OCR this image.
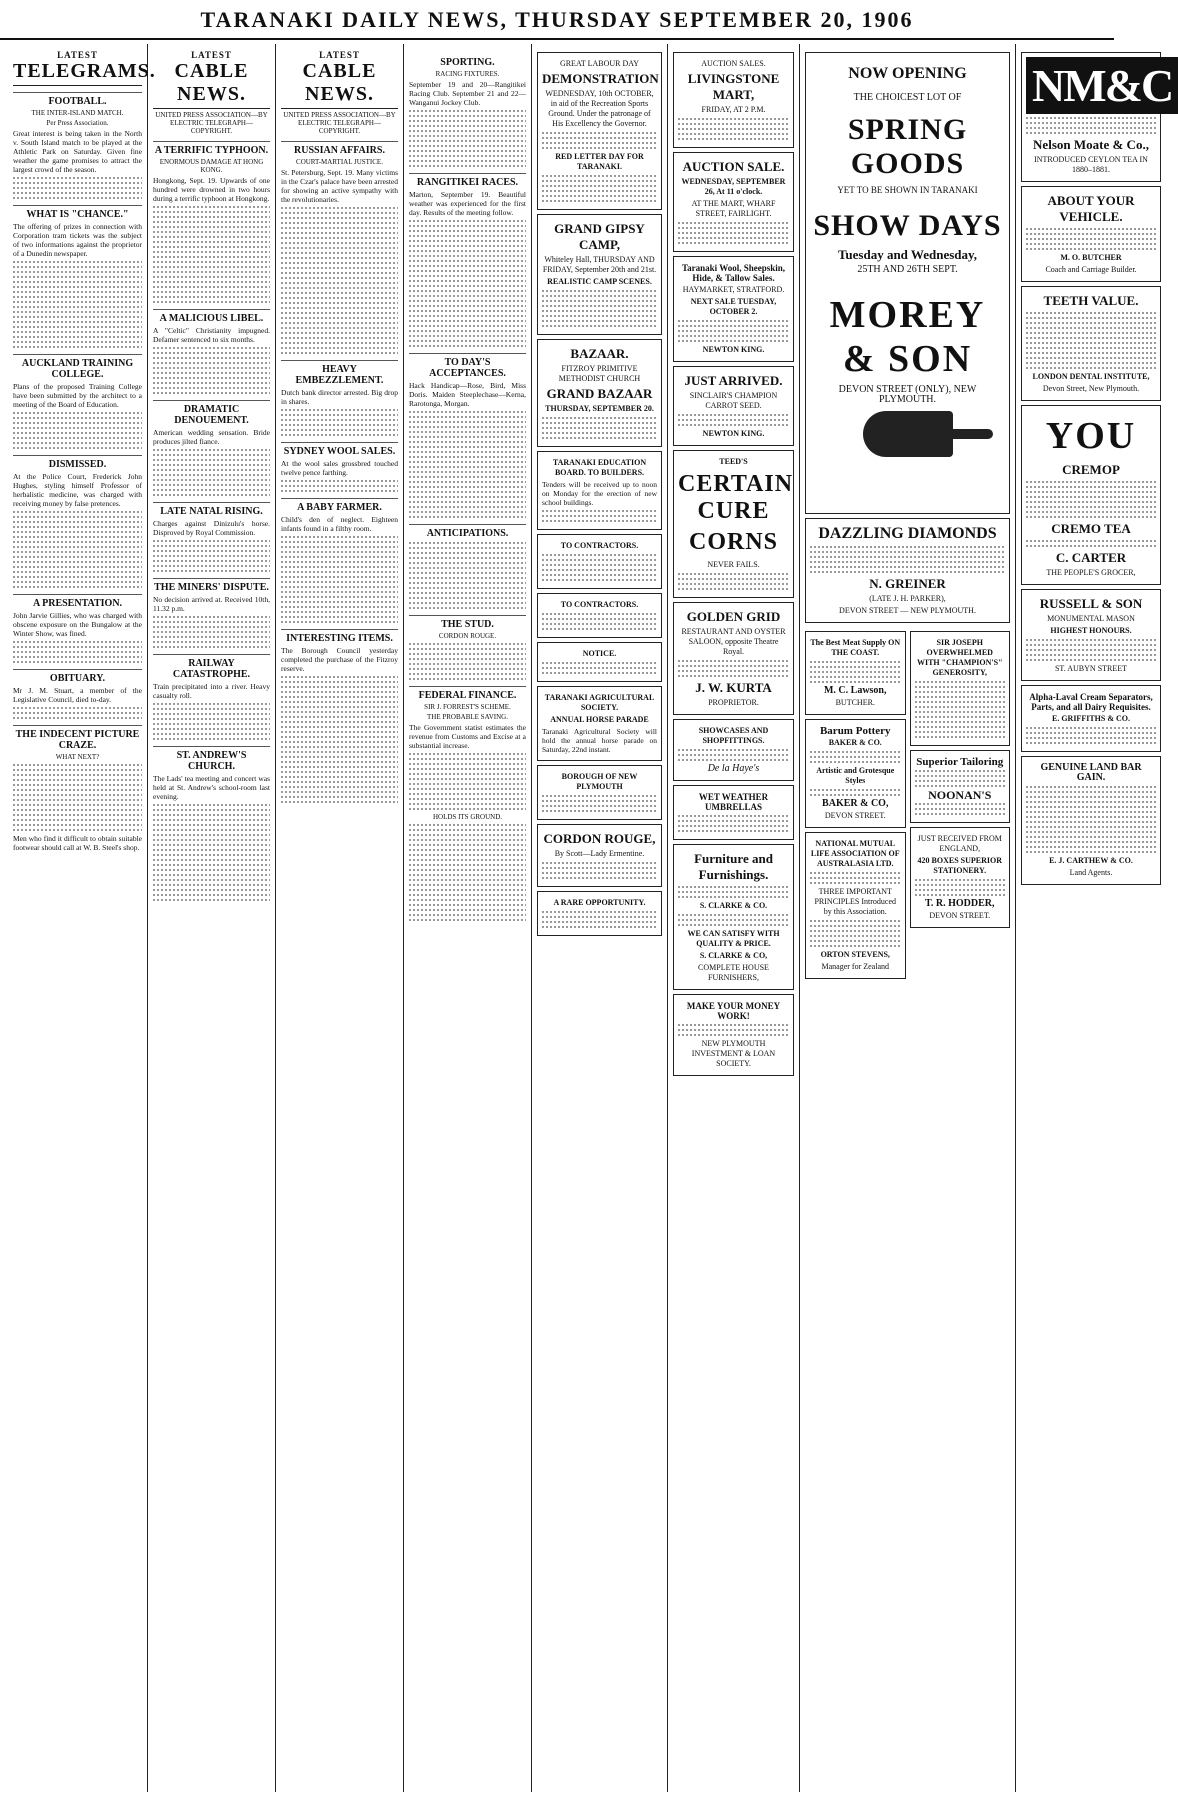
TARANAKI DAILY NEWS, THURSDAY SEPTEMBER 20, 1906
LATEST
TELEGRAMS.
FOOTBALL.
THE INTER-ISLAND MATCH.
Per Press Association.
Great interest is being taken in the North v. South Island match to be played at the Athletic Park on Saturday. Given fine weather the game promises to attract the largest crowd of the season.
WHAT IS "CHANCE."
The offering of prizes in connection with Corporation tram tickets was the subject of two informations against the proprietor of a Dunedin newspaper.
AUCKLAND TRAINING COLLEGE.
Plans of the proposed Training College have been submitted by the architect to a meeting of the Board of Education.
DISMISSED.
At the Police Court, Frederick John Hughes, styling himself Professor of herbalistic medicine, was charged with receiving money by false pretences.
A PRESENTATION.
John Jarvie Gillies, who was charged with obscene exposure on the Bungalow at the Winter Show, was fined.
OBITUARY.
Mr J. M. Stuart, a member of the Legislative Council, died to-day.
THE INDECENT PICTURE CRAZE.
WHAT NEXT?
Men who find it difficult to obtain suitable footwear should call at W. B. Steel's shop.
LATEST
CABLE NEWS.
UNITED PRESS ASSOCIATION—BY ELECTRIC TELEGRAPH—COPYRIGHT.
A TERRIFIC TYPHOON.
ENORMOUS DAMAGE AT HONG KONG.
Hongkong, Sept. 19. Upwards of one hundred were drowned in two hours during a terrific typhoon at Hongkong.
A MALICIOUS LIBEL.
A "Celtic" Christianity impugned. Defamer sentenced to six months.
DRAMATIC DENOUEMENT.
American wedding sensation. Bride produces jilted fiance.
LATE NATAL RISING.
Charges against Dinizulu's horse. Disproved by Royal Commission.
THE MINERS' DISPUTE.
No decision arrived at. Received 10th, 11.32 p.m.
RAILWAY CATASTROPHE.
Train precipitated into a river. Heavy casualty roll.
ST. ANDREW'S CHURCH.
The Lads' tea meeting and concert was held at St. Andrew's school-room last evening.
LATEST
CABLE NEWS.
UNITED PRESS ASSOCIATION—BY ELECTRIC TELEGRAPH—COPYRIGHT.
RUSSIAN AFFAIRS.
COURT-MARTIAL JUSTICE.
St. Petersburg, Sept. 19. Many victims in the Czar's palace have been arrested for showing an active sympathy with the revolutionaries.
HEAVY EMBEZZLEMENT.
Dutch bank director arrested. Big drop in shares.
SYDNEY WOOL SALES.
At the wool sales grossbred touched twelve pence farthing.
A BABY FARMER.
Child's den of neglect. Eighteen infants found in a filthy room.
INTERESTING ITEMS.
The Borough Council yesterday completed the purchase of the Fitzroy reserve.
SPORTING.
RACING FIXTURES.
September 19 and 20—Rangitikei Racing Club. September 21 and 22—Wanganui Jockey Club.
RANGITIKEI RACES.
Marton, September 19. Beautiful weather was experienced for the first day. Results of the meeting follow.
TO DAY'S ACCEPTANCES.
Hack Handicap—Rose, Bird, Miss Doris. Maiden Steeplechase—Kerna, Rarotonga, Morgan.
ANTICIPATIONS.
THE STUD.
CORDON ROUGE.
FEDERAL FINANCE.
SIR J. FORREST'S SCHEME.
THE PROBABLE SAVING.
The Government statist estimates the revenue from Customs and Excise at a substantial increase.
HOLDS ITS GROUND.
GREAT LABOUR DAY
DEMONSTRATION
WEDNESDAY, 10th OCTOBER, in aid of the Recreation Sports Ground. Under the patronage of His Excellency the Governor.
RED LETTER DAY FOR TARANAKI.
GRAND GIPSY CAMP,
Whiteley Hall, THURSDAY AND FRIDAY, September 20th and 21st.
REALISTIC CAMP SCENES.
BAZAAR.
FITZROY PRIMITIVE METHODIST CHURCH
GRAND BAZAAR
THURSDAY, SEPTEMBER 20.
TARANAKI EDUCATION BOARD. TO BUILDERS.
Tenders will be received up to noon on Monday for the erection of new school buildings.
TO CONTRACTORS.
TO CONTRACTORS.
NOTICE.
TARANAKI AGRICULTURAL SOCIETY.
ANNUAL HORSE PARADE
Taranaki Agricultural Society will hold the annual horse parade on Saturday, 22nd instant.
BOROUGH OF NEW PLYMOUTH
CORDON ROUGE,
By Scott—Lady Ermentine.
A RARE OPPORTUNITY.
AUCTION SALES.
LIVINGSTONE MART,
FRIDAY, AT 2 P.M.
AUCTION SALE.
WEDNESDAY, SEPTEMBER 26, At 11 o'clock.
AT THE MART, WHARF STREET, FAIRLIGHT.
Taranaki Wool, Sheepskin, Hide, & Tallow Sales.
HAYMARKET, STRATFORD.
NEXT SALE TUESDAY, OCTOBER 2.
NEWTON KING.
JUST ARRIVED.
SINCLAIR'S CHAMPION CARROT SEED.
NEWTON KING.
TEED'S
CERTAIN CURE
CORNS
NEVER FAILS.
GOLDEN GRID
RESTAURANT AND OYSTER SALOON, opposite Theatre Royal.
J. W. KURTA
PROPRIETOR.
SHOWCASES AND SHOPFITTINGS.
De la Haye's
WET WEATHER UMBRELLAS
Furniture and Furnishings.
S. CLARKE & CO.
WE CAN SATISFY WITH QUALITY & PRICE.
S. CLARKE & CO,
COMPLETE HOUSE FURNISHERS,
MAKE YOUR MONEY WORK!
NEW PLYMOUTH INVESTMENT & LOAN SOCIETY.
NOW OPENING
THE CHOICEST LOT OF
SPRING GOODS
YET TO BE SHOWN IN TARANAKI
SHOW DAYS
Tuesday and Wednesday,
25TH AND 26TH SEPT.
MOREY & SON
DEVON STREET (ONLY), NEW PLYMOUTH.
DAZZLING DIAMONDS
N. GREINER
(LATE J. H. PARKER),
DEVON STREET — NEW PLYMOUTH.
The Best Meat Supply ON THE COAST.
M. C. Lawson,
BUTCHER.
Barum Pottery
BAKER & CO.
Artistic and Grotesque Styles
BAKER & CO,
DEVON STREET.
NATIONAL MUTUAL LIFE ASSOCIATION OF AUSTRALASIA LTD.
THREE IMPORTANT PRINCIPLES Introduced by this Association.
ORTON STEVENS,
Manager for Zealand
SIR JOSEPH OVERWHELMED WITH "CHAMPION'S" GENEROSITY,
Superior Tailoring
NOONAN'S
JUST RECEIVED FROM ENGLAND,
420 BOXES SUPERIOR STATIONERY.
T. R. HODDER,
DEVON STREET.
NM&C
Nelson Moate & Co.,
INTRODUCED CEYLON TEA IN 1880–1881.
ABOUT YOUR VEHICLE.
M. O. BUTCHER
Coach and Carriage Builder.
TEETH VALUE.
LONDON DENTAL INSTITUTE,
Devon Street, New Plymouth.
YOU
CREMOP
CREMO TEA
C. CARTER
THE PEOPLE'S GROCER,
RUSSELL & SON
MONUMENTAL MASON
HIGHEST HONOURS.
ST. AUBYN STREET
Alpha-Laval Cream Separators, Parts, and all Dairy Requisites.
E. GRIFFITHS & CO.
GENUINE LAND BAR GAIN.
E. J. CARTHEW & CO.
Land Agents.
